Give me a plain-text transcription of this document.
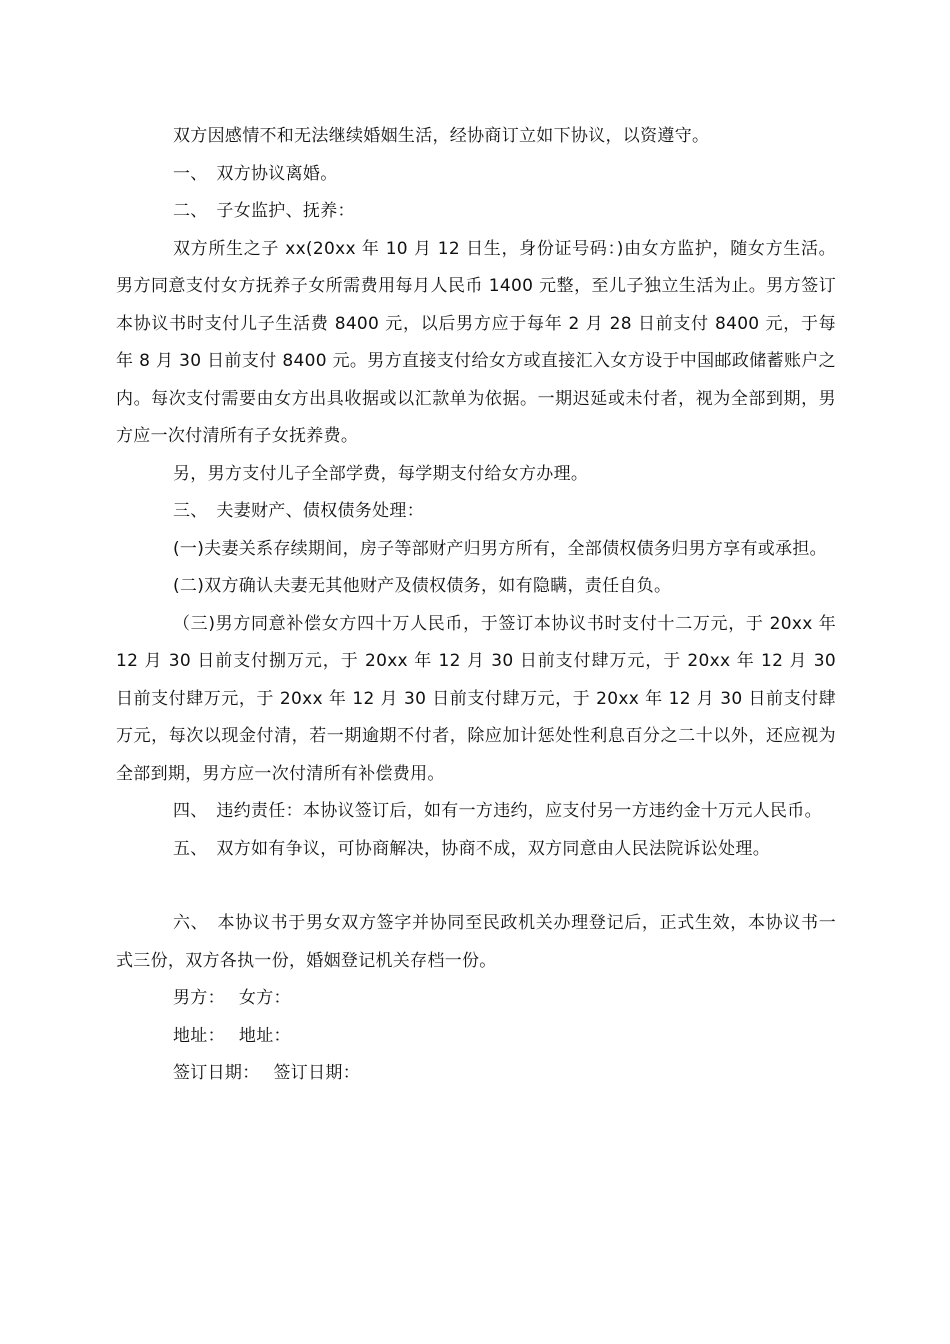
双方因感情不和无法继续婚姻生活，经协商订立如下协议，以资遵守。

一、　双方协议离婚。

二、　子女监护、抚养：

双方所生之子 xx(20xx 年 10 月 12 日生，身份证号码：)由女方监护，随女方生活。男方同意支付女方抚养子女所需费用每月人民币 1400 元整，至儿子独立生活为止。男方签订本协议书时支付儿子生活费 8400 元，以后男方应于每年 2 月 28 日前支付 8400 元，于每年 8 月 30 日前支付 8400 元。男方直接支付给女方或直接汇入女方设于中国邮政储蓄账户之内。每次支付需要由女方出具收据或以汇款单为依据。一期迟延或未付者，视为全部到期，男方应一次付清所有子女抚养费。

另，男方支付儿子全部学费，每学期支付给女方办理。

三、　夫妻财产、债权债务处理：

(一)夫妻关系存续期间，房子等部财产归男方所有，全部债权债务归男方享有或承担。

(二)双方确认夫妻无其他财产及债权债务，如有隐瞒，责任自负。

（三)男方同意补偿女方四十万人民币，于签订本协议书时支付十二万元，于 20xx 年 12 月 30 日前支付捌万元，于 20xx 年 12 月 30 日前支付肆万元，于 20xx 年 12 月 30 日前支付肆万元，于 20xx 年 12 月 30 日前支付肆万元，于 20xx 年 12 月 30 日前支付肆万元，每次以现金付清，若一期逾期不付者，除应加计惩处性利息百分之二十以外，还应视为全部到期，男方应一次付清所有补偿费用。

四、　违约责任：本协议签订后，如有一方违约，应支付另一方违约金十万元人民币。

五、　双方如有争议，可协商解决，协商不成，双方同意由人民法院诉讼处理。

六、　本协议书于男女双方签字并协同至民政机关办理登记后，正式生效，本协议书一式三份，双方各执一份，婚姻登记机关存档一份。

男方： 女方：
地址： 地址：
签订日期： 签订日期：
